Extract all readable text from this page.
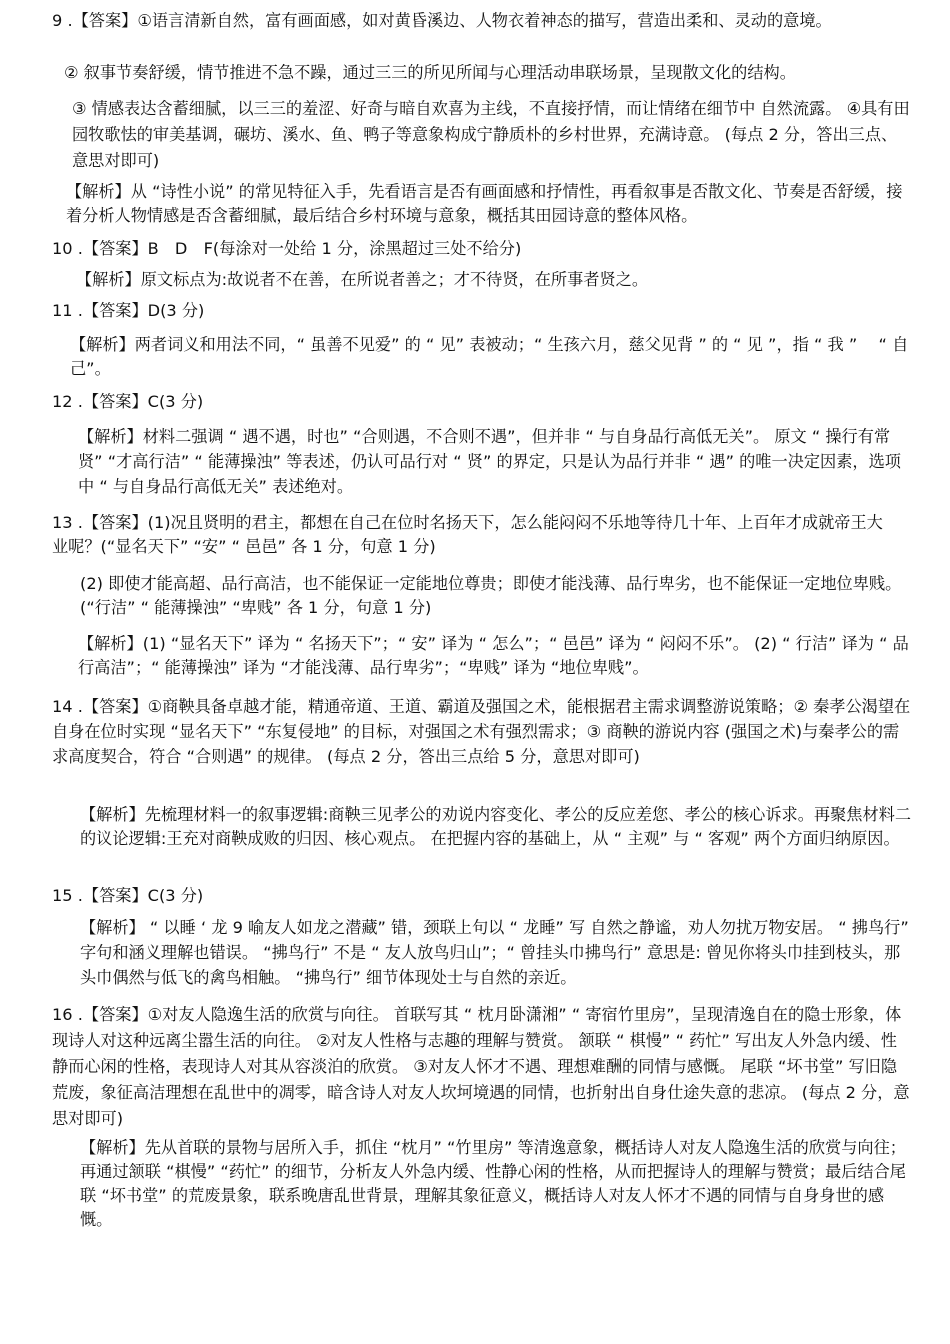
9 .【答案】①语言清新自然，富有画面感，如对黄昏溪边、人物衣着神态的描写，营造出柔和、灵动的意境。

② 叙事节奏舒缓，情节推进不急不躁，通过三三的所见所闻与心理活动串联场景，呈现散文化的结构。

③ 情感表达含蓄细腻，以三三的羞涩、好奇与暗自欢喜为主线，不直接抒情，而让情绪在细节中 自然流露。 ④具有田园牧歌怯的审美基调，碾坊、溪水、鱼、鸭子等意象构成宁静质朴的乡村世界，充满诗意。 (每点 2 分，答出三点、意思对即可)

【解析】从 “诗性小说” 的常见特征入手，先看语言是否有画面感和抒情性，再看叙事是否散文化、节奏是否舒缓，接着分析人物情感是否含蓄细腻，最后结合乡村环境与意象，概括其田园诗意的整体风格。

10 .【答案】B　D　F(每涂对一处给 1 分，涂黑超过三处不给分)

【解析】原文标点为:故说者不在善，在所说者善之；才不待贤，在所事者贤之。

11 .【答案】D(3 分)

【解析】两者词义和用法不同，“ 虽善不见爱” 的 “ 见” 表被动；“ 生孩六月，慈父见背 ” 的 “ 见 ”，指 “ 我 ” 　“ 自己”。

12 .【答案】C(3 分)

【解析】材料二强调 “ 遇不遇，时也” “合则遇，不合则不遇”，但并非 “ 与自身品行高低无关”。 原文 “ 操行有常贤” “才高行洁” “ 能薄操浊” 等表述，仍认可品行对 “ 贤” 的界定，只是认为品行并非 “ 遇” 的唯一决定因素，选项中 “ 与自身品行高低无关” 表述绝对。

13 .【答案】(1)况且贤明的君主，都想在自己在位时名扬天下，怎么能闷闷不乐地等待几十年、上百年才成就帝王大业呢？(“显名天下” “安” “ 邑邑” 各 1 分，句意 1 分)

(2) 即使才能高超、品行高洁，也不能保证一定能地位尊贵；即使才能浅薄、品行卑劣，也不能保证一定地位卑贱。(“行洁” “ 能薄操浊” “卑贱” 各 1 分，句意 1 分)

【解析】(1) “显名天下” 译为 “ 名扬天下”；“ 安” 译为 “ 怎么”；“ 邑邑” 译为 “ 闷闷不乐”。 (2) “ 行洁” 译为 “ 品行高洁”；“ 能薄操浊” 译为 “才能浅薄、品行卑劣”；“卑贱” 译为 “地位卑贱”。

14 .【答案】①商鞅具备卓越才能，精通帝道、王道、霸道及强国之术，能根据君主需求调整游说策略；② 秦孝公渴望在自身在位时实现 “显名天下” “东复侵地” 的目标，对强国之术有强烈需求；③ 商鞅的游说内容 (强国之术)与秦孝公的需求高度契合，符合 “合则遇” 的规律。 (每点 2 分，答出三点给 5 分，意思对即可)

【解析】先梳理材料一的叙事逻辑:商鞅三见孝公的劝说内容变化、孝公的反应差您、孝公的核心诉求。再聚焦材料二的议论逻辑:王充对商鞅成败的归因、核心观点。 在把握内容的基础上，从 “ 主观” 与 “ 客观” 两个方面归纳原因。

15 .【答案】C(3 分)

【解析】 “ 以睡 ‘ 龙 9 喻友人如龙之潜藏” 错，颈联上句以 “ 龙睡” 写 自然之静谧，劝人勿扰万物安居。 “ 拂鸟行” 字句和涵义理解也错误。 “拂鸟行” 不是 “ 友人放鸟归山”；“ 曾挂头巾拂鸟行” 意思是: 曾见你将头巾挂到枝头，那头巾偶然与低飞的禽鸟相触。 “拂鸟行” 细节体现处士与自然的亲近。

16 .【答案】①对友人隐逸生活的欣赏与向往。 首联写其 “ 枕月卧潇湘” “ 寄宿竹里房”，呈现清逸自在的隐士形象，体现诗人对这种远离尘嚣生活的向往。 ②对友人性格与志趣的理解与赞赏。 颔联 “ 棋慢” “ 药忙” 写出友人外急内缓、性静而心闲的性格，表现诗人对其从容淡泊的欣赏。 ③对友人怀才不遇、理想难酬的同情与感慨。 尾联 “坏书堂” 写旧隐荒废，象征高洁理想在乱世中的凋零，暗含诗人对友人坎坷境遇的同情，也折射出自身仕途失意的悲凉。 (每点 2 分，意思对即可)

【解析】先从首联的景物与居所入手，抓住 “枕月” “竹里房” 等清逸意象，概括诗人对友人隐逸生活的欣赏与向往；再通过颔联 “棋慢” “药忙” 的细节，分析友人外急内缓、性静心闲的性格，从而把握诗人的理解与赞赏；最后结合尾联 “坏书堂” 的荒废景象，联系晚唐乱世背景，理解其象征意义，概括诗人对友人怀才不遇的同情与自身身世的感慨。
